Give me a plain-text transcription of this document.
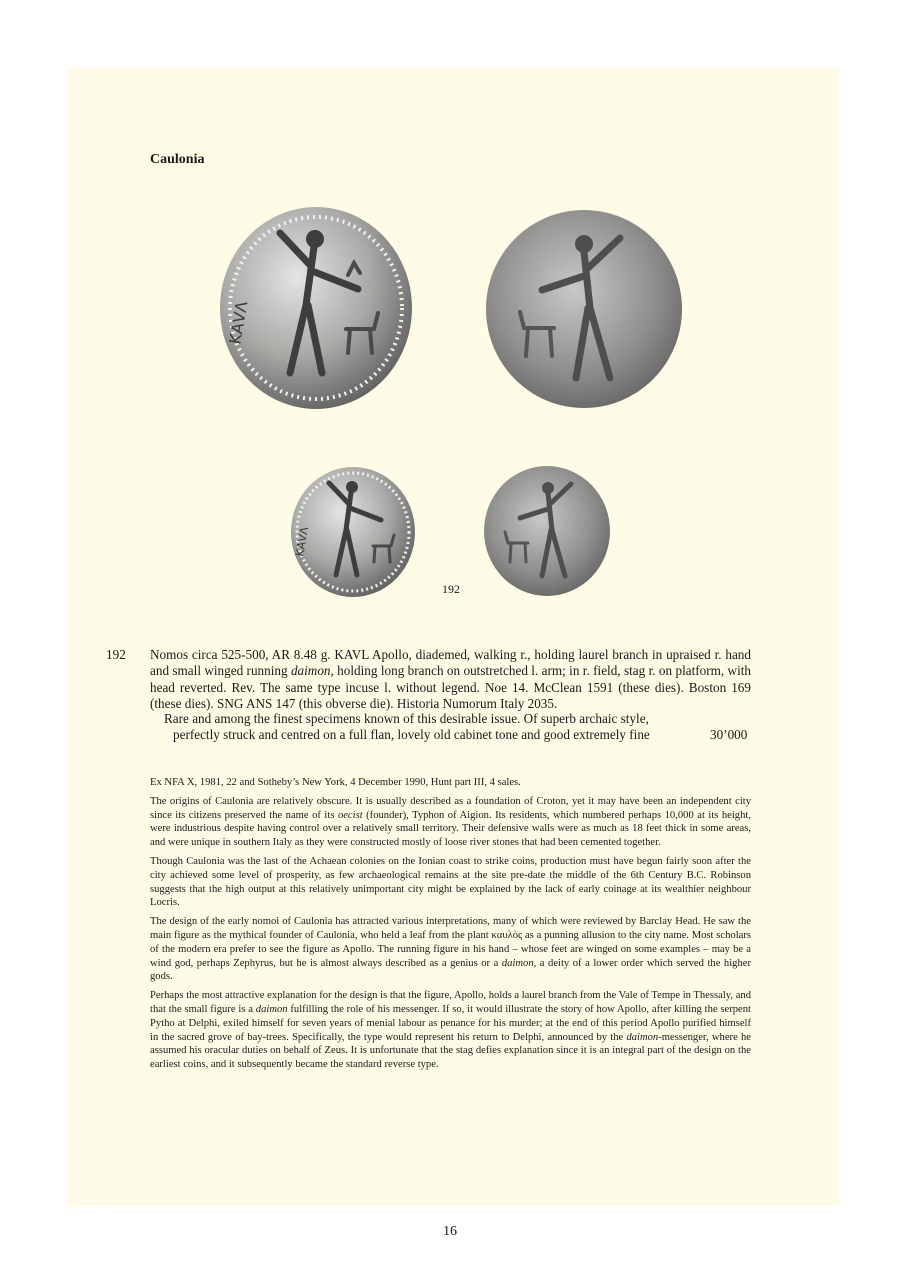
Caulonia
ΚΑVΛ
ΚΑVΛ
192
192 Nomos circa 525-500, AR 8.48 g. KAVL Apollo, diademed, walking r., holding laurel branch in upraised r. hand and small winged running daimon, holding long branch on outstretched l. arm; in r. field, stag r. on platform, with head reverted. Rev. The same type incuse l. without legend. Noe 14. McClean 1591 (these dies). Boston 169 (these dies). SNG ANS 147 (this obverse die). Historia Numorum Italy 2035.

Rare and among the finest specimens known of this desirable issue. Of superb archaic style,
perfectly struck and centred on a full flan, lovely old cabinet tone and good extremely fine	30’000

Ex NFA X, 1981, 22 and Sotheby’s New York, 4 December 1990, Hunt part III, 4 sales.

The origins of Caulonia are relatively obscure. It is usually described as a foundation of Croton, yet it may have been an independent city since its citizens preserved the name of its oecist (founder), Typhon of Aigion. Its residents, which numbered perhaps 10,000 at its height, were industrious despite having control over a relatively small territory. Their defensive walls were as much as 18 feet thick in some areas, and were unique in southern Italy as they were constructed mostly of loose river stones that had been cemented together.

Though Caulonia was the last of the Achaean colonies on the Ionian coast to strike coins, production must have begun fairly soon after the city achieved some level of prosperity, as few archaeological remains at the site pre-date the middle of the 6th Century B.C. Robinson suggests that the high output at this relatively unimportant city might be explained by the lack of early coinage at its wealthier neighbour Locris.

The design of the early nomoi of Caulonia has attracted various interpretations, many of which were reviewed by Barclay Head. He saw the main figure as the mythical founder of Caulonia, who held a leaf from the plant καυλὸς as a punning allusion to the city name. Most scholars of the modern era prefer to see the figure as Apollo. The running figure in his hand – whose feet are winged on some examples – may be a wind god, perhaps Zephyrus, but he is almost always described as a genius or a daimon, a deity of a lower order which served the higher gods.

Perhaps the most attractive explanation for the design is that the figure, Apollo, holds a laurel branch from the Vale of Tempe in Thessaly, and that the small figure is a daimon fulfilling the role of his messenger. If so, it would illustrate the story of how Apollo, after killing the serpent Pytho at Delphi, exiled himself for seven years of menial labour as penance for his murder; at the end of this period Apollo purified himself in the sacred grove of bay-trees. Specifically, the type would represent his return to Delphi, announced by the daimon-messenger, where he assumed his oracular duties on behalf of Zeus. It is unfortunate that the stag defies explanation since it is an integral part of the design on the earliest coins, and it subsequently became the standard reverse type.

16
